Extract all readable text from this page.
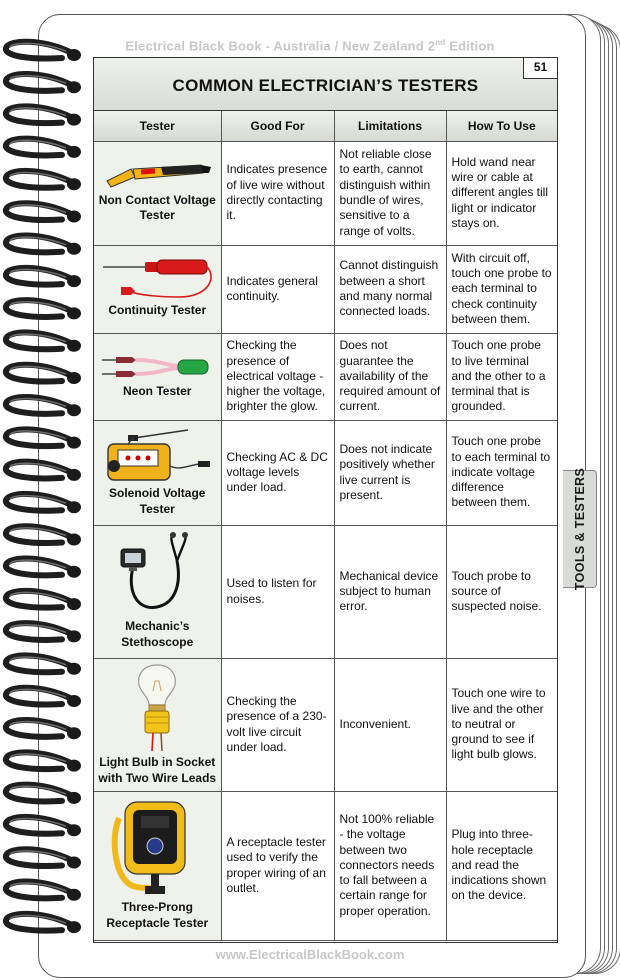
TOOLS & TESTERS
Electrical Black Book - Australia / New Zealand 2nd Edition
COMMON ELECTRICIAN’S TESTERS
51
Tester	Good For	Limitations	How To Use

Non Contact Voltage Tester	Indicates presence of live wire without directly contacting it.	Not reliable close to earth, cannot distinguish within bundle of wires, sensitive to a range of volts.	Hold wand near wire or cable at different angles till light or indicator stays on.

Continuity Tester	Indicates general continuity.	Cannot distinguish between a short and many normal connected loads.	With circuit off, touch one probe to each terminal to check continuity between them.

Neon Tester	Checking the presence of electrical voltage - higher the voltage, brighter the glow.	Does not guarantee the availability of the required amount of current.	Touch one probe to live terminal and the other to a terminal that is grounded.

Solenoid Voltage Tester	Checking AC & DC voltage levels under load.	Does not indicate positively whether live current is present.	Touch one probe to each terminal to indicate voltage difference between them.

Mechanic’s Stethoscope	Used to listen for noises.	Mechanical device subject to human error.	Touch probe to source of suspected noise.

Light Bulb in Socket with Two Wire Leads	Checking the presence of a 230-volt live circuit under load.	Inconvenient.	Touch one wire to live and the other to neutral or ground to see if light bulb glows.

Three-Prong Receptacle Tester	A receptacle tester used to verify the proper wiring of an outlet.	Not 100% reliable - the voltage between two connectors needs to fall between a certain range for proper operation.	Plug into three-hole receptacle and read the indications shown on the device.
www.ElectricalBlackBook.com
